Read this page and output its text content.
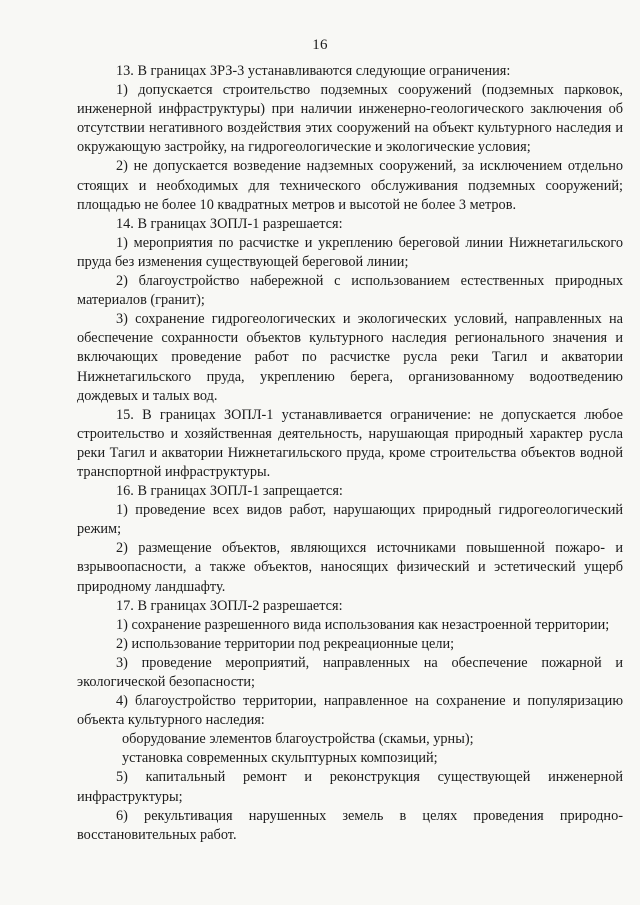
16

13. В границах ЗРЗ-3 устанавливаются следующие ограничения:

1) допускается строительство подземных сооружений (подземных парковок, инженерной инфраструктуры) при наличии инженерно-геологического заключения об отсутствии негативного воздействия этих сооружений на объект культурного наследия и окружающую застройку, на гидрогеологические и экологические условия;

2) не допускается возведение надземных сооружений, за исключением отдельно стоящих и необходимых для технического обслуживания подземных сооружений; площадью не более 10 квадратных метров и высотой не более 3 метров.

14. В границах ЗОПЛ-1 разрешается:

1) мероприятия по расчистке и укреплению береговой линии Нижнетагильского пруда без изменения существующей береговой линии;

2) благоустройство набережной с использованием естественных природных материалов (гранит);

3) сохранение гидрогеологических и экологических условий, направленных на обеспечение сохранности объектов культурного наследия регионального значения и включающих проведение работ по расчистке русла реки Тагил и акватории Нижнетагильского пруда, укреплению берега, организованному водоотведению дождевых и талых вод.

15. В границах ЗОПЛ-1 устанавливается ограничение: не допускается любое строительство и хозяйственная деятельность, нарушающая природный характер русла реки Тагил и акватории Нижнетагильского пруда, кроме строительства объектов водной транспортной инфраструктуры.

16. В границах ЗОПЛ-1 запрещается:

1) проведение всех видов работ, нарушающих природный гидрогеологический режим;

2) размещение объектов, являющихся источниками повышенной пожаро- и взрывоопасности, а также объектов, наносящих физический и эстетический ущерб природному ландшафту.

17. В границах ЗОПЛ-2 разрешается:

1) сохранение разрешенного вида использования как незастроенной территории;

2) использование территории под рекреационные цели;

3) проведение мероприятий, направленных на обеспечение пожарной и экологической безопасности;

4) благоустройство территории, направленное на сохранение и популяризацию объекта культурного наследия:

оборудование элементов благоустройства (скамьи, урны);

установка современных скульптурных композиций;

5) капитальный ремонт и реконструкция существующей инженерной инфраструктуры;

6) рекультивация нарушенных земель в целях проведения природно-восстановительных работ.
